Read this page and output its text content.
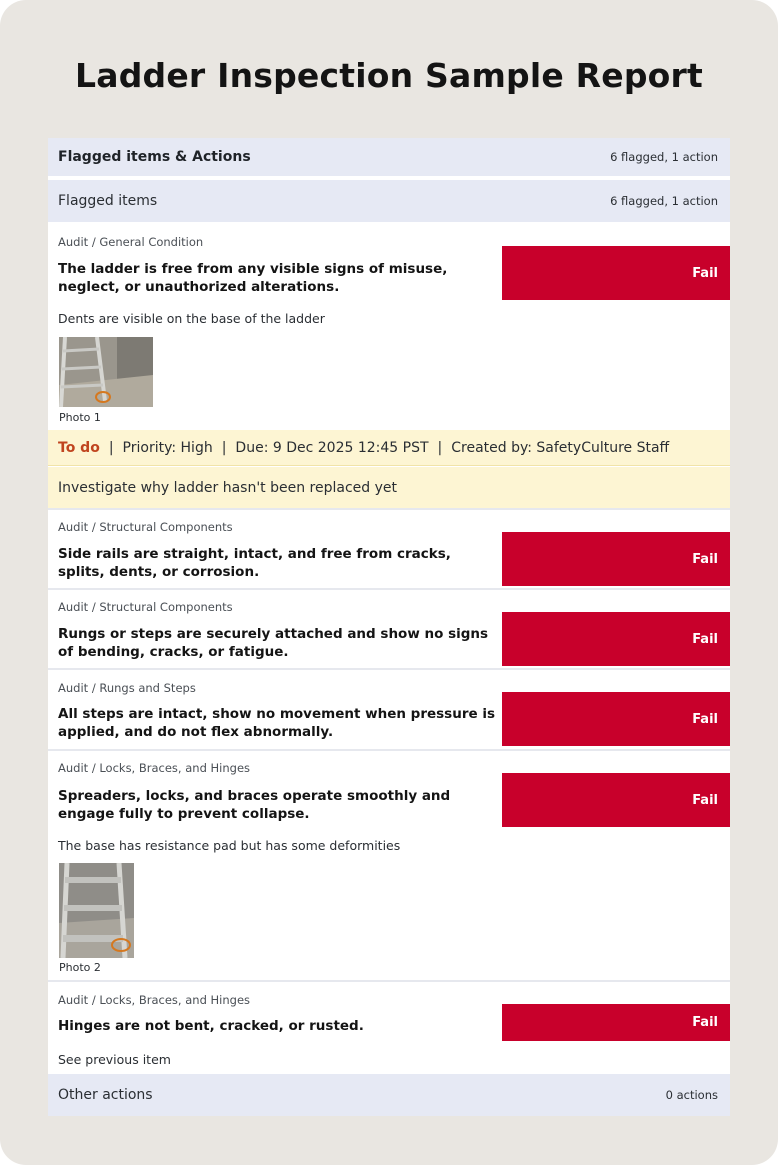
Ladder Inspection Sample Report
Flagged items & Actions	6 flagged, 1 action
Flagged items	6 flagged, 1 action
Audit / General Condition
The ladder is free from any visible signs of misuse, neglect, or unauthorized alterations.
Fail
Dents are visible on the base of the ladder
Photo 1
To do | Priority: High | Due: 9 Dec 2025 12:45 PST | Created by: SafetyCulture Staff
Investigate why ladder hasn't been replaced yet
Audit / Structural Components
Side rails are straight, intact, and free from cracks, splits, dents, or corrosion.
Fail
Audit / Structural Components
Rungs or steps are securely attached and show no signs of bending, cracks, or fatigue.
Fail
Audit / Rungs and Steps
All steps are intact, show no movement when pressure is applied, and do not flex abnormally.
Fail
Audit / Locks, Braces, and Hinges
Spreaders, locks, and braces operate smoothly and engage fully to prevent collapse.
Fail
The base has resistance pad but has some deformities
Photo 2
Audit / Locks, Braces, and Hinges
Hinges are not bent, cracked, or rusted.	Fail
See previous item
Other actions	0 actions
